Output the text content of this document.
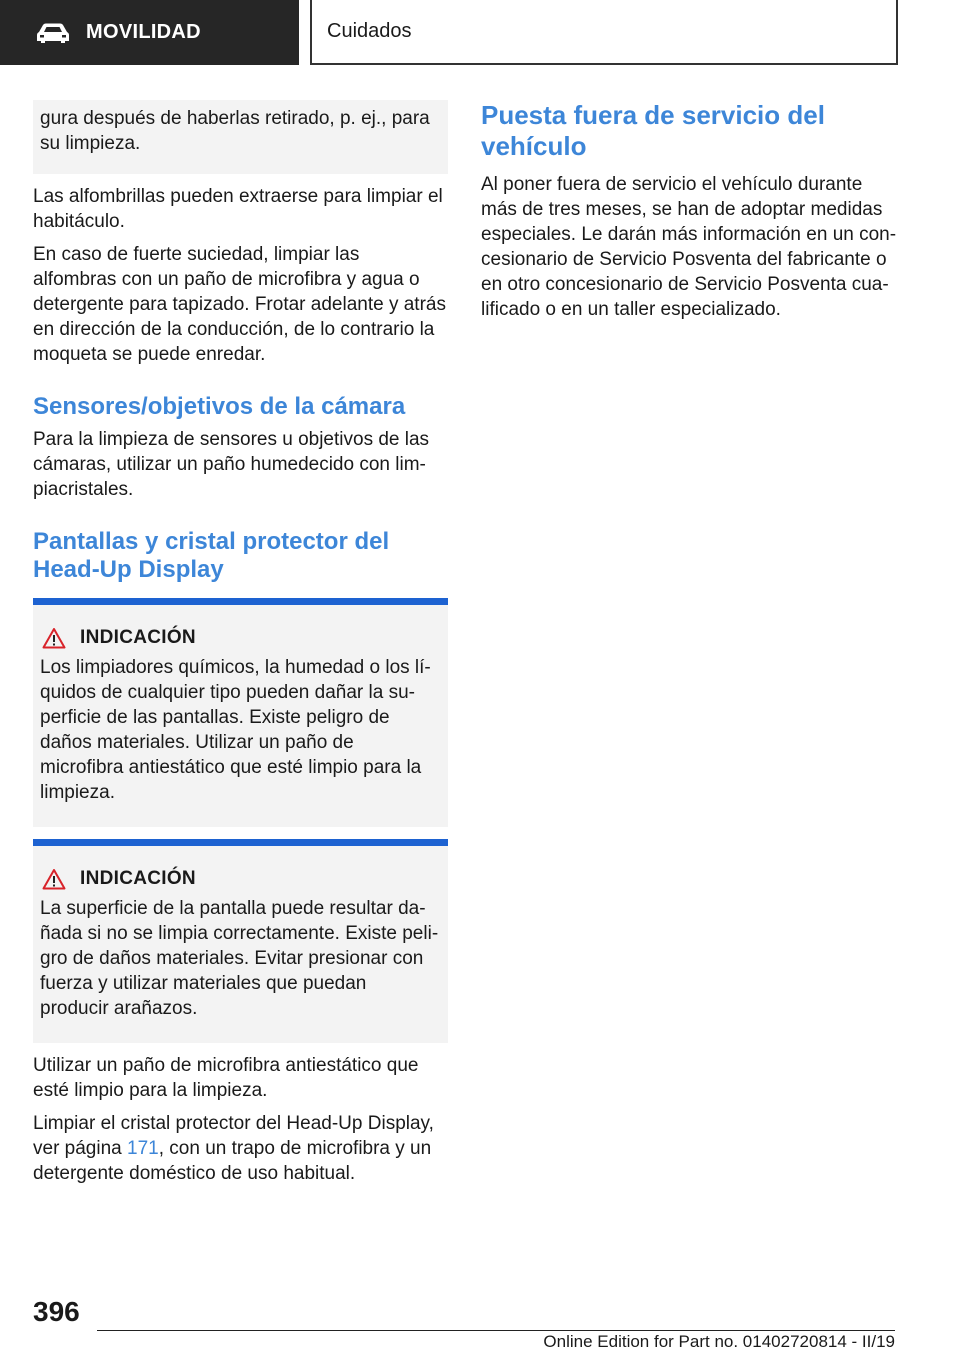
MOVILIDAD	Cuidados

gura después de haberlas retirado, p. ej., para su limpieza.

Las alfombrillas pueden extraerse para limpiar el habitáculo.

En caso de fuerte suciedad, limpiar las alfombras con un paño de microfibra y agua o detergente para tapizado. Frotar adelante y atrás en dirección de la conducción, de lo contrario la moqueta se puede enredar.

Sensores/objetivos de la cámara

Para la limpieza de sensores u objetivos de las cámaras, utilizar un paño humedecido con limpiacristales.

Pantallas y cristal protector del Head-Up Display
INDICACIÓN

Los limpiadores químicos, la humedad o los líquidos de cualquier tipo pueden dañar la superficie de las pantallas. Existe peligro de daños materiales. Utilizar un paño de microfibra antiestático que esté limpio para la limpieza.

INDICACIÓN

La superficie de la pantalla puede resultar dañada si no se limpia correctamente. Existe peligro de daños materiales. Evitar presionar con fuerza y utilizar materiales que puedan producir arañazos.

Utilizar un paño de microfibra antiestático que esté limpio para la limpieza.

Limpiar el cristal protector del Head-Up Display, ver página 171, con un trapo de microfibra y un detergente doméstico de uso habitual.

Puesta fuera de servicio del vehículo

Al poner fuera de servicio el vehículo durante más de tres meses, se han de adoptar medidas especiales. Le darán más información en un concesionario de Servicio Posventa del fabricante o en otro concesionario de Servicio Posventa cualificado o en un taller especializado.

396
Online Edition for Part no. 01402720814 - II/19
